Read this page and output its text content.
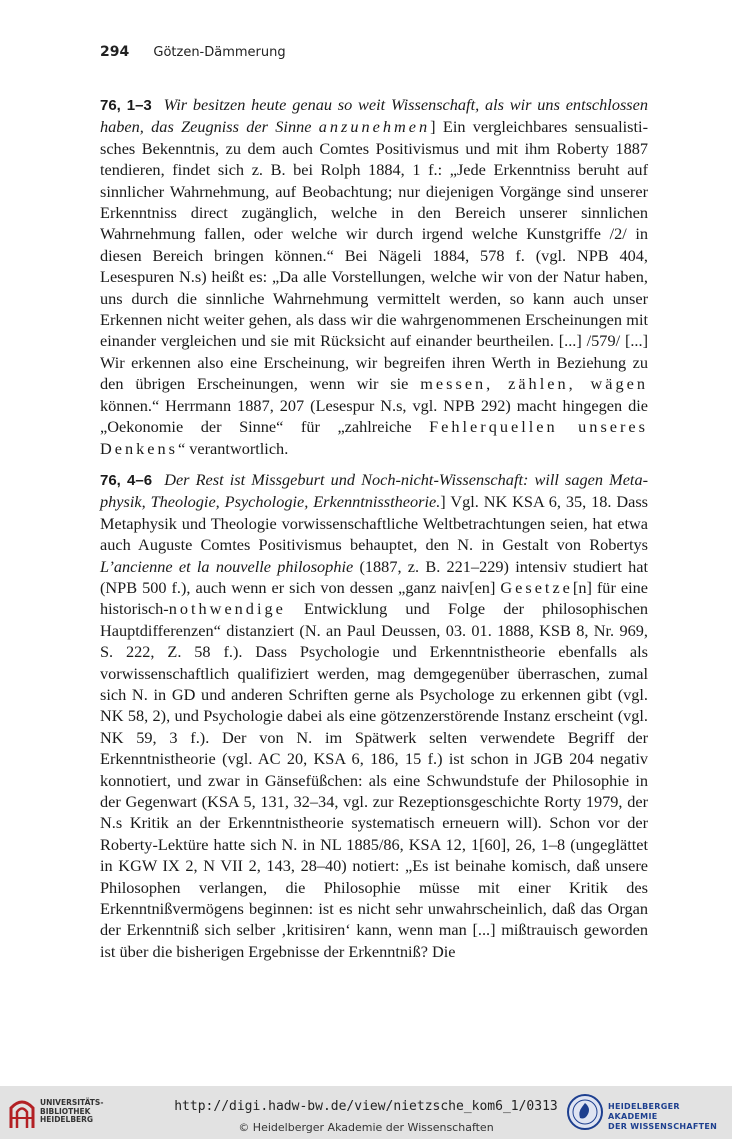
294 Götzen-Dämmerung

76, 1–3 Wir besitzen heute genau so weit Wissenschaft, als wir uns entschlossen haben, das Zeugniss der Sinne anzunehmen] Ein vergleichbares sensualistisches Bekenntnis, zu dem auch Comtes Positivismus und mit ihm Roberty 1887 tendieren, findet sich z. B. bei Rolph 1884, 1 f.: „Jede Erkenntniss beruht auf sinnlicher Wahrnehmung, auf Beobachtung; nur diejenigen Vorgänge sind unserer Erkenntniss direct zugänglich, welche in den Bereich unserer sinnlichen Wahrnehmung fallen, oder welche wir durch irgend welche Kunstgriffe /2/ in diesen Bereich bringen können.“ Bei Nägeli 1884, 578 f. (vgl. NPB 404, Lesespuren N.s) heißt es: „Da alle Vorstellungen, welche wir von der Natur haben, uns durch die sinnliche Wahrnehmung vermittelt werden, so kann auch unser Erkennen nicht weiter gehen, als dass wir die wahrgenommenen Erscheinungen mit einander vergleichen und sie mit Rücksicht auf einander beurtheilen. [...] /579/ [...] Wir erkennen also eine Erscheinung, wir begreifen ihren Werth in Beziehung zu den übrigen Erscheinungen, wenn wir sie messen, zählen, wägen können.“ Herrmann 1887, 207 (Lesespur N.s, vgl. NPB 292) macht hingegen die „Oekonomie der Sinne“ für „zahlreiche Fehlerquellen unseres Denkens“ verantwortlich.

76, 4–6 Der Rest ist Missgeburt und Noch-nicht-Wissenschaft: will sagen Metaphysik, Theologie, Psychologie, Erkenntnisstheorie.] Vgl. NK KSA 6, 35, 18. Dass Metaphysik und Theologie vorwissenschaftliche Weltbetrachtungen seien, hat etwa auch Auguste Comtes Positivismus behauptet, den N. in Gestalt von Robertys L’ancienne et la nouvelle philosophie (1887, z. B. 221–229) intensiv studiert hat (NPB 500 f.), auch wenn er sich von dessen „ganz naiv[en] Gesetze[n] für eine historisch-nothwendige Entwicklung und Folge der philosophischen Hauptdifferenzen“ distanziert (N. an Paul Deussen, 03. 01. 1888, KSB 8, Nr. 969, S. 222, Z. 58 f.). Dass Psychologie und Erkenntnistheorie ebenfalls als vorwissenschaftlich qualifiziert werden, mag demgegenüber überraschen, zumal sich N. in GD und anderen Schriften gerne als Psychologe zu erkennen gibt (vgl. NK 58, 2), und Psychologie dabei als eine götzenzerstörende Instanz erscheint (vgl. NK 59, 3 f.). Der von N. im Spätwerk selten verwendete Begriff der Erkenntnistheorie (vgl. AC 20, KSA 6, 186, 15 f.) ist schon in JGB 204 negativ konnotiert, und zwar in Gänsefüßchen: als eine Schwundstufe der Philosophie in der Gegenwart (KSA 5, 131, 32–34, vgl. zur Rezeptionsgeschichte Rorty 1979, der N.s Kritik an der Erkenntnistheorie systematisch erneuern will). Schon vor der Roberty-Lektüre hatte sich N. in NL 1885/86, KSA 12, 1[60], 26, 1–8 (ungeglättet in KGW IX 2, N VII 2, 143, 28–40) notiert: „Es ist beinahe komisch, daß unsere Philosophen verlangen, die Philosophie müsse mit einer Kritik des Erkenntnißvermögens beginnen: ist es nicht sehr unwahrscheinlich, daß das Organ der Erkenntniß sich selber ‚kritisiren‘ kann, wenn man [...] mißtrauisch geworden ist über die bisherigen Ergebnisse der Erkenntniß? Die

UNIVERSITÄTS-
BIBLIOTHEK
HEIDELBERG
http://digi.hadw-bw.de/view/nietzsche_kom6_1/0313
© Heidelberger Akademie der Wissenschaften
HEIDELBERGER AKADEMIE
DER WISSENSCHAFTEN
